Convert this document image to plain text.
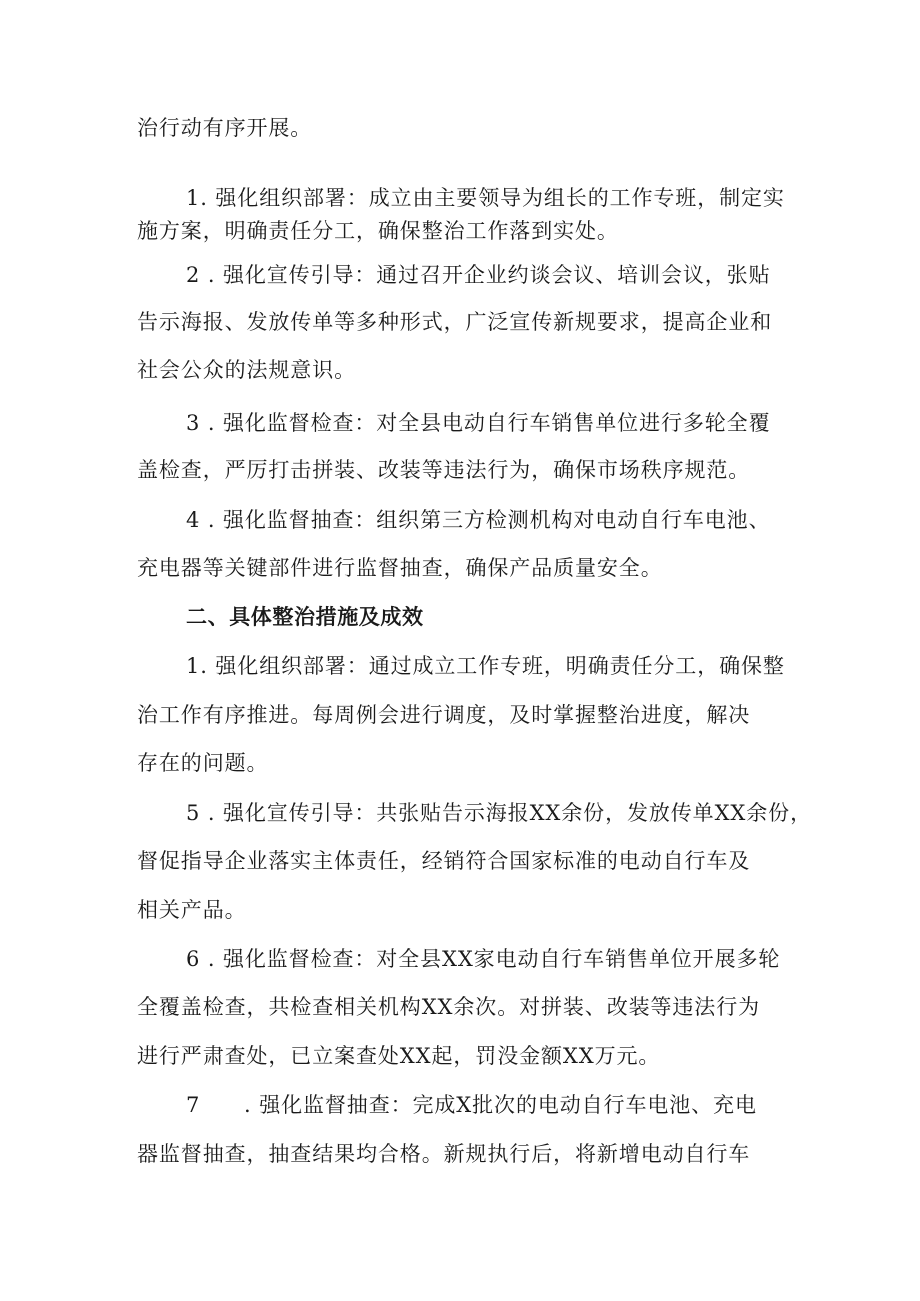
治行动有序开展。
1. 强化组织部署：成立由主要领导为组长的工作专班，制定实
施方案，明确责任分工，确保整治工作落到实处。
2 . 强化宣传引导：通过召开企业约谈会议、培训会议，张贴
告示海报、发放传单等多种形式，广泛宣传新规要求，提高企业和
社会公众的法规意识。
3 . 强化监督检查：对全县电动自行车销售单位进行多轮全覆
盖检查，严厉打击拼装、改装等违法行为，确保市场秩序规范。
4 . 强化监督抽查：组织第三方检测机构对电动自行车电池、
充电器等关键部件进行监督抽查，确保产品质量安全。
二、具体整治措施及成效
1. 强化组织部署：通过成立工作专班，明确责任分工，确保整
治工作有序推进。每周例会进行调度，及时掌握整治进度，解决
存在的问题。
5 . 强化宣传引导：共张贴告示海报XX余份，发放传单XX余份，
督促指导企业落实主体责任，经销符合国家标准的电动自行车及
相关产品。
6 . 强化监督检查：对全县XX家电动自行车销售单位开展多轮
全覆盖检查，共检查相关机构XX余次。对拼装、改装等违法行为
进行严肃查处，已立案查处XX起，罚没金额XX万元。
7　　. 强化监督抽查：完成X批次的电动自行车电池、充电
器监督抽查，抽查结果均合格。新规执行后，将新增电动自行车
